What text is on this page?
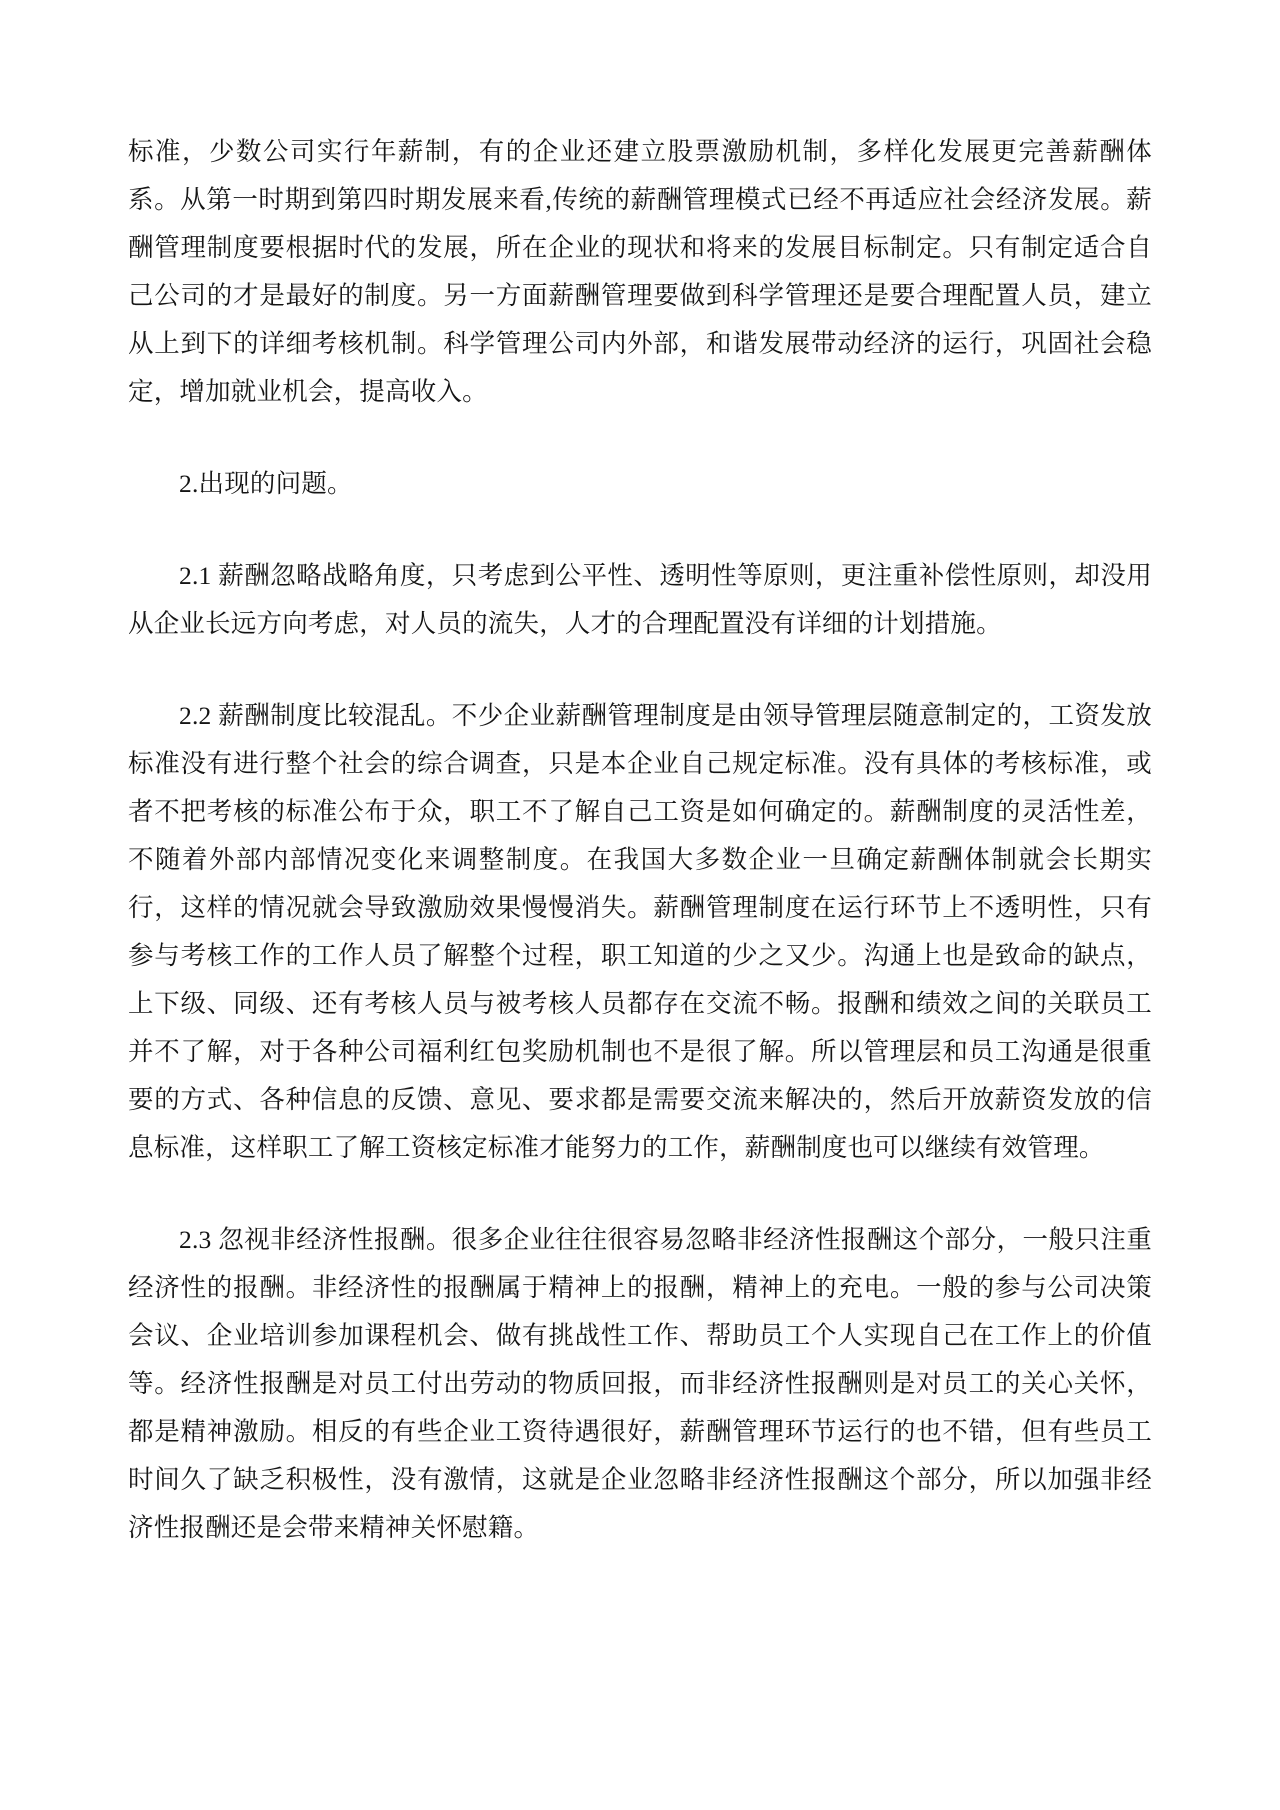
标准，少数公司实行年薪制，有的企业还建立股票激励机制，多样化发展更完善薪酬体系。从第一时期到第四时期发展来看,传统的薪酬管理模式已经不再适应社会经济发展。薪酬管理制度要根据时代的发展，所在企业的现状和将来的发展目标制定。只有制定适合自己公司的才是最好的制度。另一方面薪酬管理要做到科学管理还是要合理配置人员，建立从上到下的详细考核机制。科学管理公司内外部，和谐发展带动经济的运行，巩固社会稳定，增加就业机会，提高收入。

2.出现的问题。

2.1 薪酬忽略战略角度，只考虑到公平性、透明性等原则，更注重补偿性原则，却没用从企业长远方向考虑，对人员的流失，人才的合理配置没有详细的计划措施。

2.2 薪酬制度比较混乱。不少企业薪酬管理制度是由领导管理层随意制定的，工资发放标准没有进行整个社会的综合调查，只是本企业自己规定标准。没有具体的考核标准，或者不把考核的标准公布于众，职工不了解自己工资是如何确定的。薪酬制度的灵活性差，不随着外部内部情况变化来调整制度。在我国大多数企业一旦确定薪酬体制就会长期实行，这样的情况就会导致激励效果慢慢消失。薪酬管理制度在运行环节上不透明性，只有参与考核工作的工作人员了解整个过程，职工知道的少之又少。沟通上也是致命的缺点，上下级、同级、还有考核人员与被考核人员都存在交流不畅。报酬和绩效之间的关联员工并不了解，对于各种公司福利红包奖励机制也不是很了解。所以管理层和员工沟通是很重要的方式、各种信息的反馈、意见、要求都是需要交流来解决的，然后开放薪资发放的信息标准，这样职工了解工资核定标准才能努力的工作，薪酬制度也可以继续有效管理。

2.3 忽视非经济性报酬。很多企业往往很容易忽略非经济性报酬这个部分，一般只注重经济性的报酬。非经济性的报酬属于精神上的报酬，精神上的充电。一般的参与公司决策会议、企业培训参加课程机会、做有挑战性工作、帮助员工个人实现自己在工作上的价值等。经济性报酬是对员工付出劳动的物质回报，而非经济性报酬则是对员工的关心关怀，都是精神激励。相反的有些企业工资待遇很好，薪酬管理环节运行的也不错，但有些员工时间久了缺乏积极性，没有激情，这就是企业忽略非经济性报酬这个部分，所以加强非经济性报酬还是会带来精神关怀慰籍。
